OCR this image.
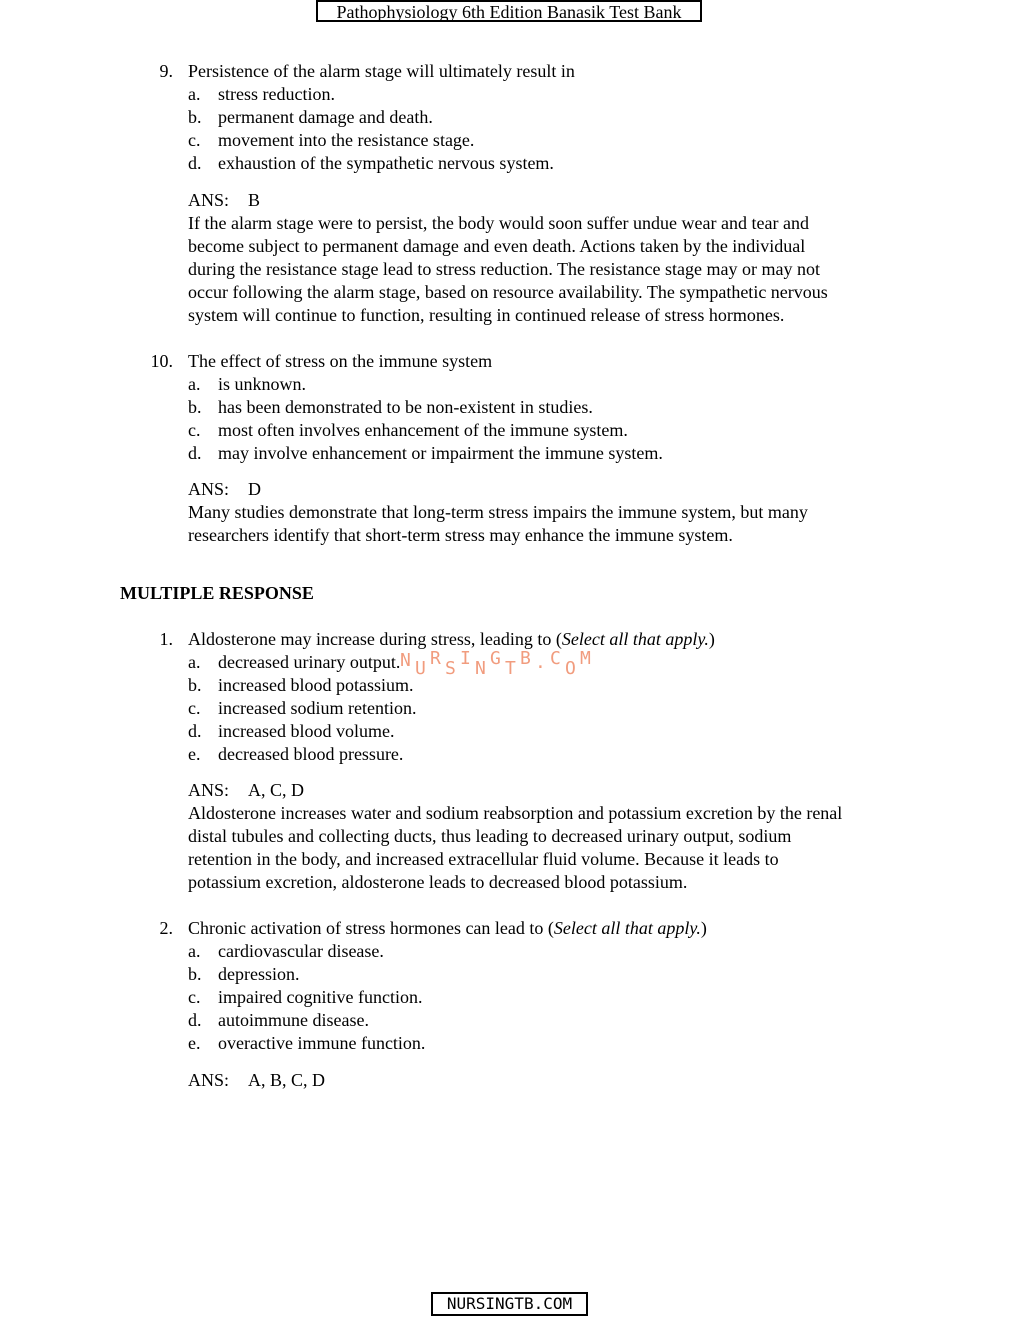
Pathophysiology 6th Edition Banasik Test Bank
9. Persistence of the alarm stage will ultimately result in
a. stress reduction.
b. permanent damage and death.
c. movement into the resistance stage.
d. exhaustion of the sympathetic nervous system.
ANS: B
If the alarm stage were to persist, the body would soon suffer undue wear and tear and
become subject to permanent damage and even death. Actions taken by the individual
during the resistance stage lead to stress reduction. The resistance stage may or may not
occur following the alarm stage, based on resource availability. The sympathetic nervous
system will continue to function, resulting in continued release of stress hormones.
10. The effect of stress on the immune system
a. is unknown.
b. has been demonstrated to be non-existent in studies.
c. most often involves enhancement of the immune system.
d. may involve enhancement or impairment the immune system.
ANS: D
Many studies demonstrate that long-term stress impairs the immune system, but many
researchers identify that short-term stress may enhance the immune system.
MULTIPLE RESPONSE
1. Aldosterone may increase during stress, leading to (Select all that apply.)
a. decreased urinary output.
b. increased blood potassium.
c. increased sodium retention.
d. increased blood volume.
e. decreased blood pressure.
ANS: A, C, D
Aldosterone increases water and sodium reabsorption and potassium excretion by the renal
distal tubules and collecting ducts, thus leading to decreased urinary output, sodium
retention in the body, and increased extracellular fluid volume. Because it leads to
potassium excretion, aldosterone leads to decreased blood potassium.
2. Chronic activation of stress hormones can lead to (Select all that apply.)
a. cardiovascular disease.
b. depression.
c. impaired cognitive function.
d. autoimmune disease.
e. overactive immune function.
ANS: A, B, C, D
N U R S I N G T B . C O M
NURSINGTB.COM
